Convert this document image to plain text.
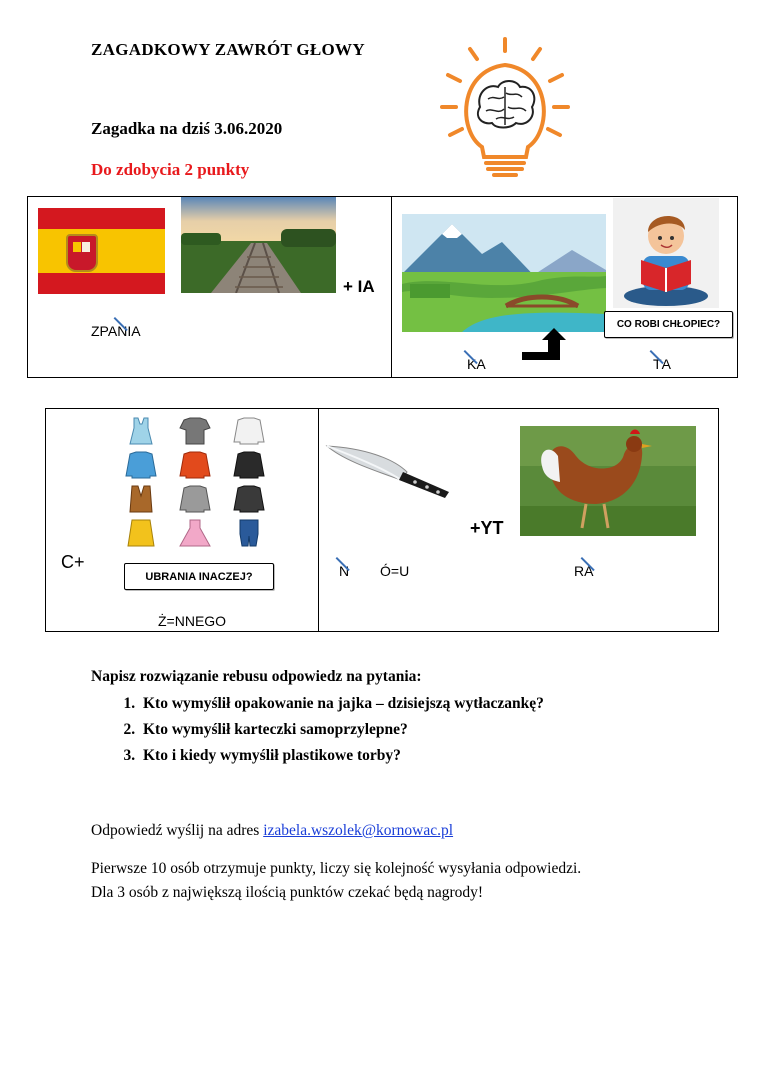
ZAGADKOWY ZAWRÓT GŁOWY
Zagadka na dziś 3.06.2020
Do zdobycia 2 punkty
+ IA
ZPANIA	CO ROBI CHŁOPIEC?
KA	TA
C+
UBRANIA INACZEJ?
Ż=NNEGO
+YT
N Ó=U	RA
Napisz rozwiązanie rebusu odpowiedz na pytania:
1. Kto wymyślił opakowanie na jajka – dzisiejszą wytłaczankę?
2. Kto wymyślił karteczki samoprzylepne?
3. Kto i kiedy wymyślił plastikowe torby?
Odpowiedź wyślij na adres izabela.wszolek@kornowac.pl
Pierwsze 10 osób otrzymuje punkty, liczy się kolejność wysyłania odpowiedzi.
Dla 3 osób z największą ilością punktów czekać będą nagrody!
